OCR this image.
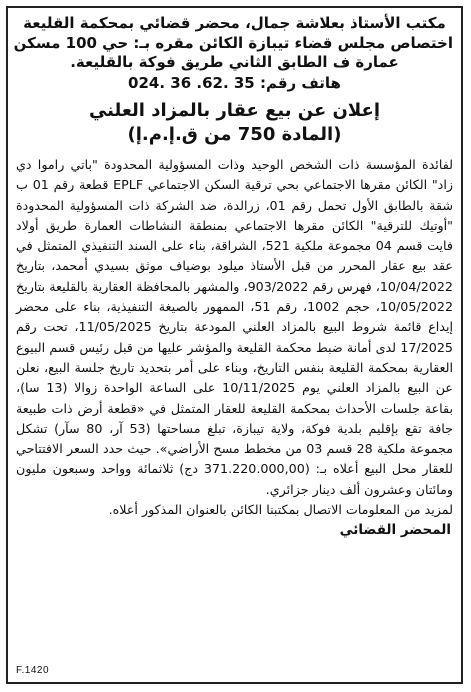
مكتب الأستاذ بعلاشة جمال، محضر قضائي بمحكمة القليعة
اختصاص مجلس قضاء تيبازة الكائن مقره بـ: حي 100 مسكن
عمارة ف الطابق الثاني طريق فوكة بالقليعة.
هاتف رقم: 35 .62. 36 .024
إعلان عن بيع عقار بالمزاد العلني
(المادة 750 من ق.إ.م.إ)

لفائدة المؤسسة ذات الشخص الوحيد وذات المسؤولية المحدودة "باتي راموا دي زاد" الكائن مقرها الاجتماعي بحي ترقية السكن الاجتماعي EPLF قطعة رقم 01 ب شقة بالطابق الأول تحمل رقم 01، زرالدة، ضد الشركة ذات المسؤولية المحدودة "أوتيك للترقية" الكائن مقرها الاجتماعي بمنطقة النشاطات العمارة طريق أولاد فايت قسم 04 مجموعة ملكية 521، الشراقة، بناء على السند التنفيذي المتمثل في عقد بيع عقار المحرر من قبل الأستاذ ميلود بوضياف موثق بسيدي أمحمد، بتاريخ 10/04/2022، فهرس رقم 903/2022، والمشهر بالمحافظة العقارية بالقليعة بتاريخ 10/05/2022، حجم 1002، رقم 51، الممهور بالصيغة التنفيذية، بناء على محضر إيداع قائمة شروط البيع بالمزاد العلني المودعة بتاريخ 11/05/2025، تحت رقم 17/2025 لدى أمانة ضبط محكمة القليعة والمؤشر عليها من قبل رئيس قسم البيوع العقارية بمحكمة القليعة بنفس التاريخ، وبناء على أمر بتحديد تاريخ جلسة البيع، نعلن عن البيع بالمزاد العلني يوم 10/11/2025 على الساعة الواحدة زوالا (13 سا)، بقاعة جلسات الأحداث بمحكمة القليعة للعقار المتمثل في «قطعة أرض ذات طبيعة جافة تقع بإقليم بلدية فوكة، ولاية تيبازة، تبلغ مساحتها (53 آر، 80 سآر) تشكل مجموعة ملكية 28 قسم 03 من مخطط مسح الأراضي». حيث حدد السعر الافتتاحي للعقار محل البيع أعلاه بـ: (371.220.000,00 دج) ثلاثمائة وواحد وسبعون مليون ومائتان وعشرون ألف دينار جزائري.

لمزيد من المعلومات الاتصال بمكتبنا الكائن بالعنوان المذكور أعلاه.
المحضر القضائي
F.1420
